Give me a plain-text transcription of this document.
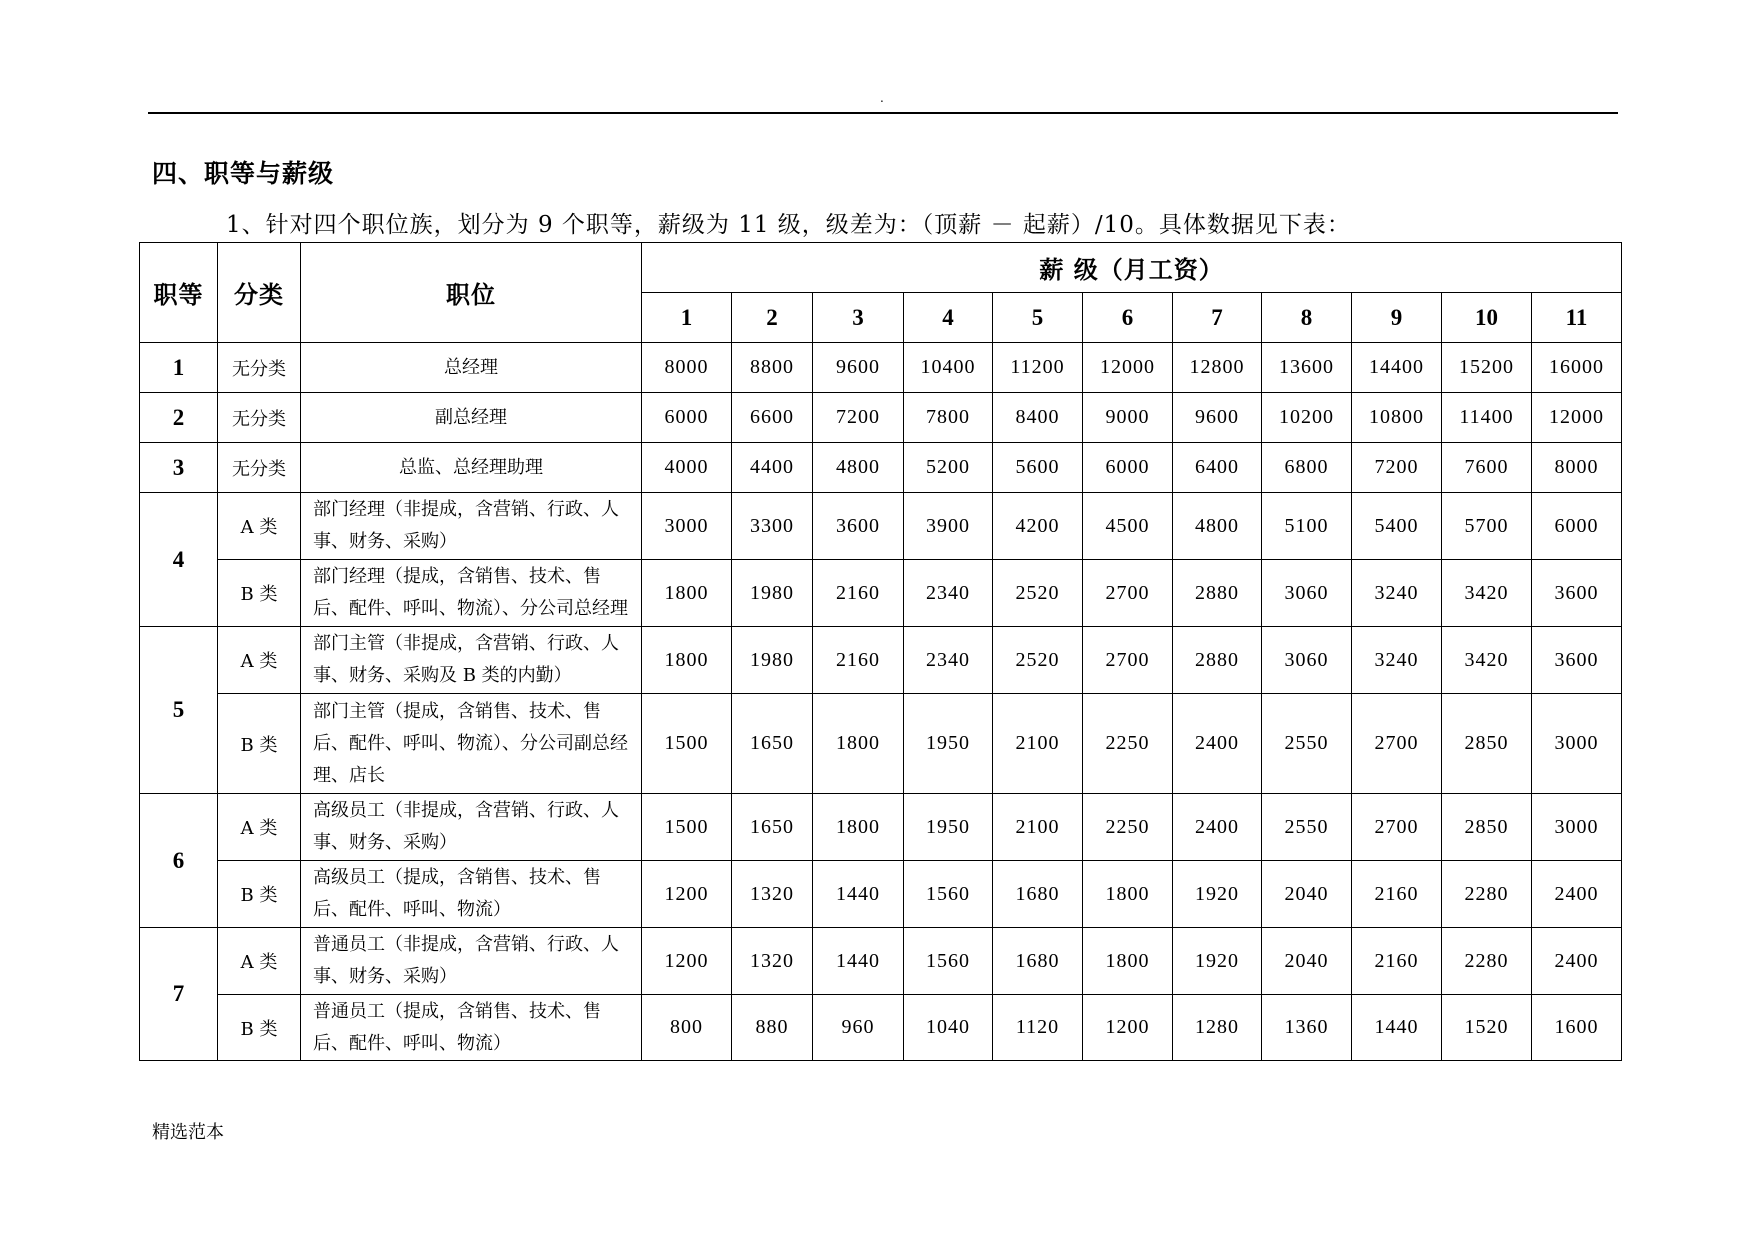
.
四、职等与薪级
1、针对四个职位族，划分为 9 个职等，薪级为 11 级，级差为：（顶薪 － 起薪）/10。具体数据见下表：
职等	分类	职位	薪 级（月工资）										
			1	2	3	4	5	6	7	8	9	10	11
1	无分类	总经理	8000	8800	9600	10400	11200	12000	12800	13600	14400	15200	16000
2	无分类	副总经理	6000	6600	7200	7800	8400	9000	9600	10200	10800	11400	12000
3	无分类	总监、总经理助理	4000	4400	4800	5200	5600	6000	6400	6800	7200	7600	8000
4	A 类	部门经理（非提成，含营销、行政、人事、财务、采购）	3000	3300	3600	3900	4200	4500	4800	5100	5400	5700	6000
	B 类	部门经理（提成，含销售、技术、售后、配件、呼叫、物流）、分公司总经理	1800	1980	2160	2340	2520	2700	2880	3060	3240	3420	3600
5	A 类	部门主管（非提成，含营销、行政、人事、财务、采购及 B 类的内勤）	1800	1980	2160	2340	2520	2700	2880	3060	3240	3420	3600
	B 类	部门主管（提成，含销售、技术、售后、配件、呼叫、物流）、分公司副总经理、店长	1500	1650	1800	1950	2100	2250	2400	2550	2700	2850	3000
6	A 类	高级员工（非提成，含营销、行政、人事、财务、采购）	1500	1650	1800	1950	2100	2250	2400	2550	2700	2850	3000
	B 类	高级员工（提成，含销售、技术、售后、配件、呼叫、物流）	1200	1320	1440	1560	1680	1800	1920	2040	2160	2280	2400
7	A 类	普通员工（非提成，含营销、行政、人事、财务、采购）	1200	1320	1440	1560	1680	1800	1920	2040	2160	2280	2400
	B 类	普通员工（提成，含销售、技术、售后、配件、呼叫、物流）	800	880	960	1040	1120	1200	1280	1360	1440	1520	1600
精选范本
